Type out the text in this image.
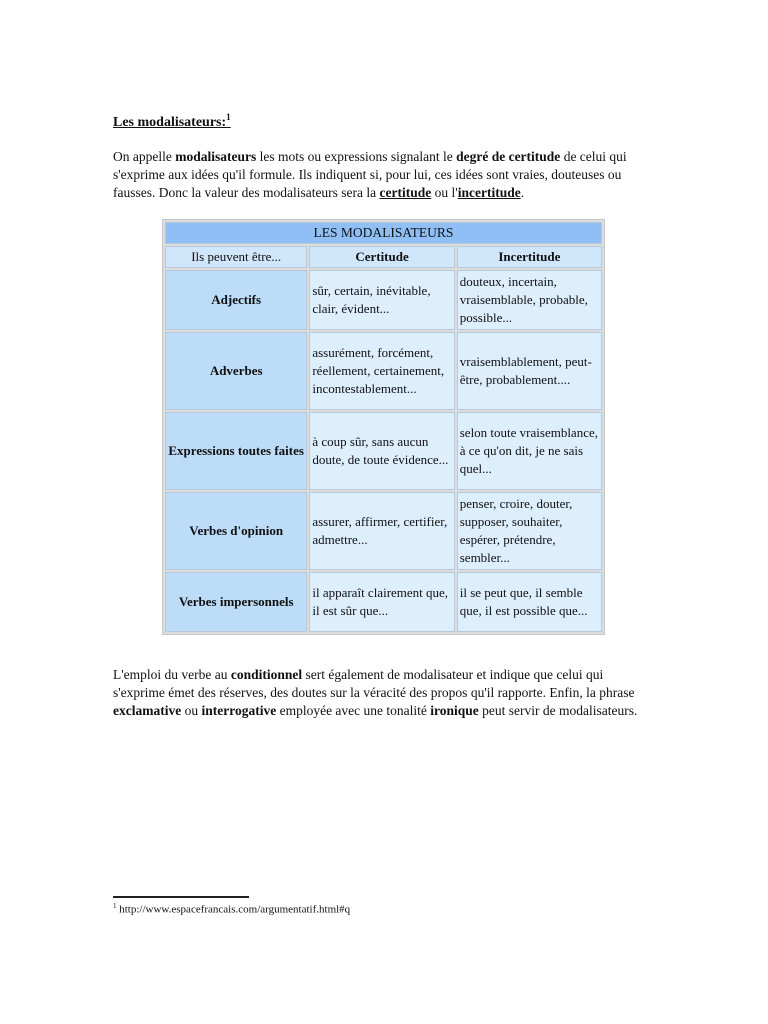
Les modalisateurs:$^1$

On appelle modalisateurs les mots ou expressions signalant le degré de certitude de celui qui s'exprime aux idées qu'il formule. Ils indiquent si, pour lui, ces idées sont vraies, douteuses ou fausses. Donc la valeur des modalisateurs sera la certitude ou l'incertitude.

LES MODALISATEURS		
Ils peuvent être...	Certitude	Incertitude
Adjectifs	sûr, certain, inévitable, clair, évident...	douteux, incertain, vraisemblable, probable, possible...
Adverbes	assurément, forcément, réellement, certainement, incontestablement...	vraisemblablement, peut-être, probablement....
Expressions toutes faites	à coup sûr, sans aucun doute, de toute évidence...	selon toute vraisemblance, à ce qu'on dit, je ne sais quel...
Verbes d'opinion	assurer, affirmer, certifier, admettre...	penser, croire, douter, supposer, souhaiter, espérer, prétendre, sembler...
Verbes impersonnels	il apparaît clairement que, il est sûr que...	il se peut que, il semble que, il est possible que...

L'emploi du verbe au conditionnel sert également de modalisateur et indique que celui qui s'exprime émet des réserves, des doutes sur la véracité des propos qu'il rapporte. Enfin, la phrase exclamative ou interrogative employée avec une tonalité ironique peut servir de modalisateurs.

$^1$ http://www.espacefrancais.com/argumentatif.html#q
